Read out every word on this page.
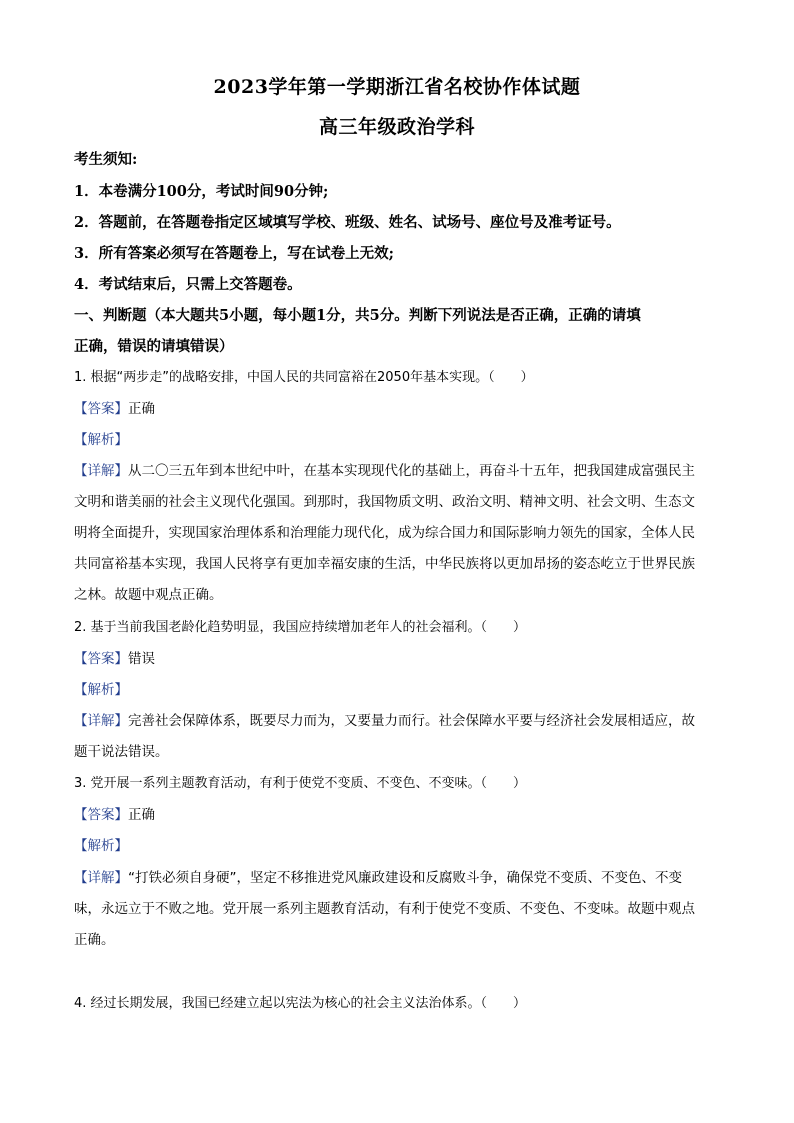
2023学年第一学期浙江省名校协作体试题
高三年级政治学科
考生须知:
1．本卷满分100分，考试时间90分钟;
2．答题前，在答题卷指定区域填写学校、班级、姓名、试场号、座位号及准考证号。
3．所有答案必须写在答题卷上，写在试卷上无效;
4．考试结束后，只需上交答题卷。
一、判断题（本大题共5小题，每小题1分，共5分。判断下列说法是否正确，正确的请填
正确，错误的请填错误）
1. 根据“两步走”的战略安排，中国人民的共同富裕在2050年基本实现。（　　）
【答案】正确
【解析】
【详解】从二〇三五年到本世纪中叶，在基本实现现代化的基础上，再奋斗十五年，把我国建成富强民主
文明和谐美丽的社会主义现代化强国。到那时，我国物质文明、政治文明、精神文明、社会文明、生态文
明将全面提升，实现国家治理体系和治理能力现代化，成为综合国力和国际影响力领先的国家，全体人民
共同富裕基本实现，我国人民将享有更加幸福安康的生活，中华民族将以更加昂扬的姿态屹立于世界民族
之林。故题中观点正确。
2. 基于当前我国老龄化趋势明显，我国应持续增加老年人的社会福利。（　　）
【答案】错误
【解析】
【详解】完善社会保障体系，既要尽力而为，又要量力而行。社会保障水平要与经济社会发展相适应，故
题干说法错误。
3. 党开展一系列主题教育活动，有利于使党不变质、不变色、不变味。（　　）
【答案】正确
【解析】
【详解】“打铁必须自身硬”，坚定不移推进党风廉政建设和反腐败斗争，确保党不变质、不变色、不变
味，永远立于不败之地。党开展一系列主题教育活动，有利于使党不变质、不变色、不变味。故题中观点
正确。
4. 经过长期发展，我国已经建立起以宪法为核心的社会主义法治体系。（　　）
